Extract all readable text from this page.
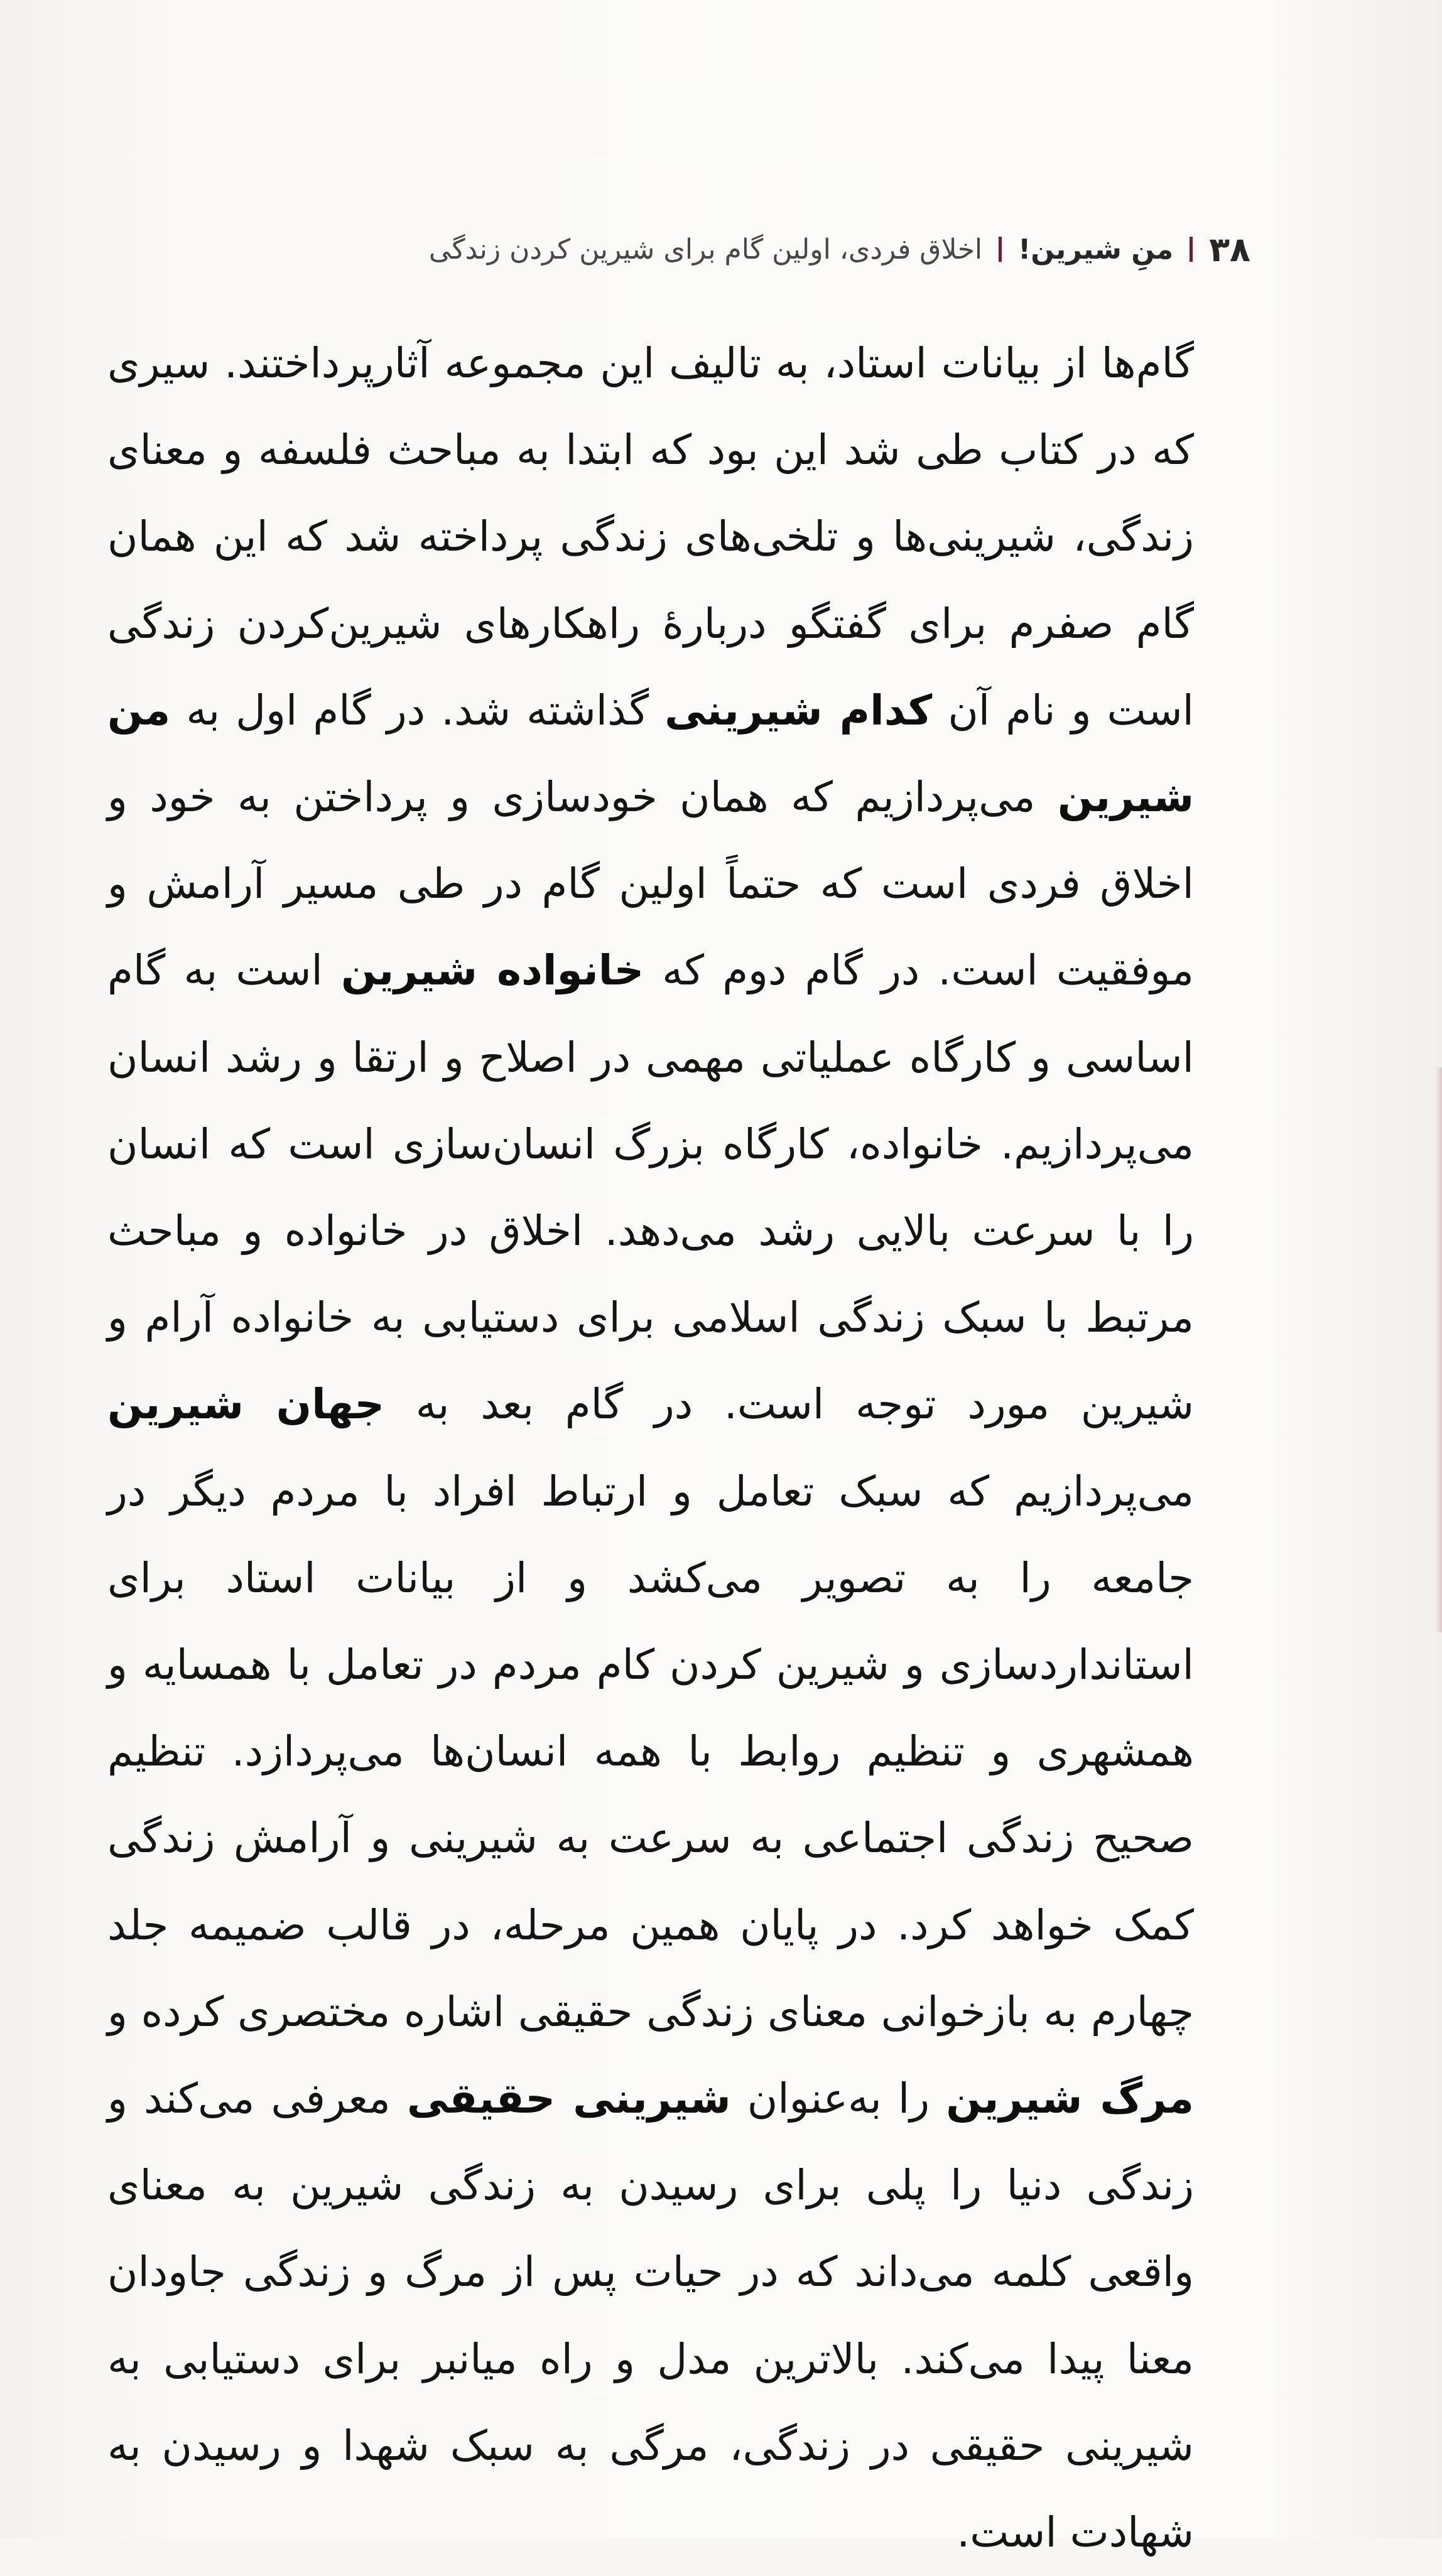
۳۸
منِ شیرین!
اخلاق فردی، اولین گام برای شیرین کردن زندگی

گام‌ها از بیانات استاد، به تالیف این مجموعه آثارپرداختند. سیری که در کتاب طی شد این بود که ابتدا به مباحث فلسفه و معنای زندگی، شیرینی‌ها و تلخی‌های زندگی پرداخته شد که این همان گام صفرم برای گفتگو دربارهٔ راهکارهای شیرین‌کردن زندگی است و نام آن کدام شیرینی گذاشته شد. در گام اول به من شیرین می‌پردازیم که همان خودسازی و پرداختن به خود و اخلاق فردی است که حتماً اولین گام در طی مسیر آرامش و موفقیت است. در گام دوم که خانواده شیرین است به گام اساسی و کارگاه عملیاتی مهمی در اصلاح و ارتقا و رشد انسان می‌پردازیم. خانواده، کارگاه بزرگ انسان‌سازی است که انسان را با سرعت بالایی رشد می‌دهد. اخلاق در خانواده و مباحث مرتبط با سبک زندگی اسلامی برای دستیابی به خانواده آرام و شیرین مورد توجه است. در گام بعد به جهان شیرین می‌پردازیم که سبک تعامل و ارتباط افراد با مردم دیگر در جامعه را به تصویر می‌کشد و از بیانات استاد برای استانداردسازی و شیرین کردن کام مردم در تعامل با همسایه و همشهری و تنظیم روابط با همه انسان‌ها می‌پردازد. تنظیم صحیح زندگی اجتماعی به سرعت به شیرینی و آرامش زندگی کمک خواهد کرد. در پایان همین مرحله، در قالب ضمیمه جلد چهارم به بازخوانی معنای زندگی حقیقی اشاره مختصری کرده و مرگ شیرین را به‌عنوان شیرینی حقیقی معرفی می‌کند و زندگی دنیا را پلی برای رسیدن به زندگی شیرین به معنای واقعی کلمه می‌داند که در حیات پس از مرگ و زندگی جاودان معنا پیدا می‌کند. بالاترین مدل و راه میانبر برای دستیابی به شیرینی حقیقی در زندگی، مرگی به سبک شهدا و رسیدن به شهادت است.
